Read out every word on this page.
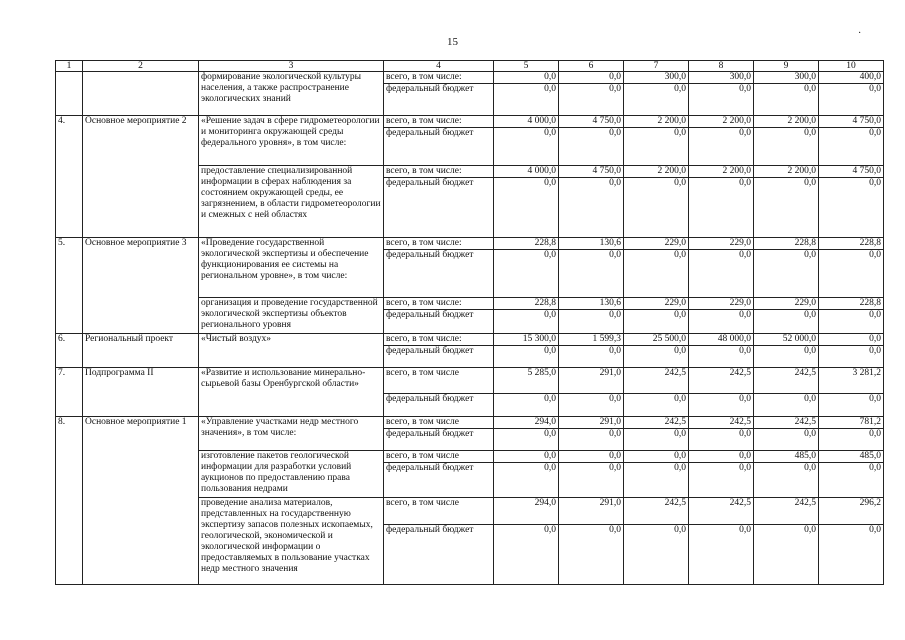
15
·
1	2	3	4	5	6	7	8	9	10
		формирование экологической культуры населения, а также распространение экологических знаний	всего, в том числе:	0,0	0,0	300,0	300,0	300,0	400,0
			федеральный бюджет	0,0	0,0	0,0	0,0	0,0	0,0
4.	Основное мероприятие 2	«Решение задач в сфере гидрометеорологии и мониторинга окружающей среды федерального уровня», в том числе:	всего, в том числе:	4 000,0	4 750,0	2 200,0	2 200,0	2 200,0	4 750,0
			федеральный бюджет	0,0	0,0	0,0	0,0	0,0	0,0
		предоставление специализированной информации в сферах наблюдения за состоянием окружающей среды, ее загрязнением, в области гидрометеорологии и смежных с ней областях	всего, в том числе:	4 000,0	4 750,0	2 200,0	2 200,0	2 200,0	4 750,0
			федеральный бюджет	0,0	0,0	0,0	0,0	0,0	0,0
5.	Основное мероприятие 3	«Проведение государственной экологической экспертизы и обеспечение функционирования ее системы на региональном уровне», в том числе:	всего, в том числе:	228,8	130,6	229,0	229,0	228,8	228,8
			федеральный бюджет	0,0	0,0	0,0	0,0	0,0	0,0
		организация и проведение государственной экологической экспертизы объектов регионального уровня	всего, в том числе:	228,8	130,6	229,0	229,0	229,0	228,8
			федеральный бюджет	0,0	0,0	0,0	0,0	0,0	0,0
6.	Региональный проект	«Чистый воздух»	всего, в том числе:	15 300,0	1 599,3	25 500,0	48 000,0	52 000,0	0,0
			федеральный бюджет	0,0	0,0	0,0	0,0	0,0	0,0
7.	Подпрограмма II	«Развитие и использование минерально-сырьевой базы Оренбургской области»	всего, в том числе	5 285,0	291,0	242,5	242,5	242,5	3 281,2
			федеральный бюджет	0,0	0,0	0,0	0,0	0,0	0,0
8.	Основное мероприятие 1	«Управление участками недр местного значения», в том числе:	всего, в том числе	294,0	291,0	242,5	242,5	242,5	781,2
			федеральный бюджет	0,0	0,0	0,0	0,0	0,0	0,0
		изготовление пакетов геологической информации для разработки условий аукционов по предоставлению права пользования недрами	всего, в том числе	0,0	0,0	0,0	0,0	485,0	485,0
			федеральный бюджет	0,0	0,0	0,0	0,0	0,0	0,0
		проведение анализа материалов, представленных на государственную экспертизу запасов полезных ископаемых, геологической, экономической и экологической информации о предоставляемых в пользование участках недр местного значения	всего, в том числе	294,0	291,0	242,5	242,5	242,5	296,2
			федеральный бюджет	0,0	0,0	0,0	0,0	0,0	0,0
